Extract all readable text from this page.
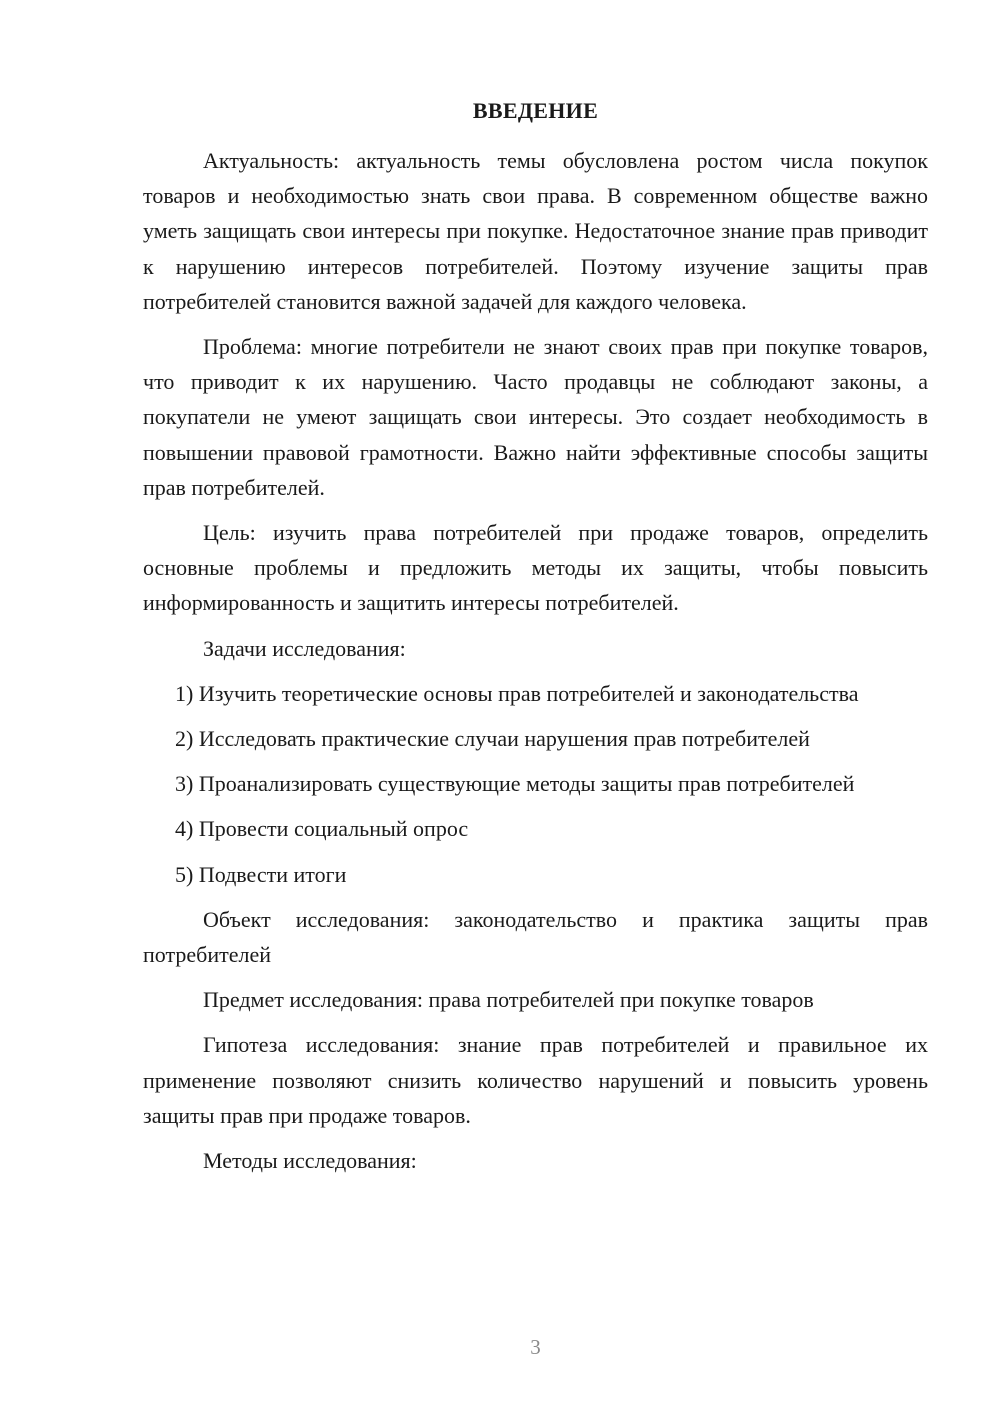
ВВЕДЕНИЕ

Актуальность: актуальность темы обусловлена ростом числа покупок товаров и необходимостью знать свои права. В современном обществе важно уметь защищать свои интересы при покупке. Недостаточное знание прав приводит к нарушению интересов потребителей. Поэтому изучение защиты прав потребителей становится важной задачей для каждого человека.

Проблема: многие потребители не знают своих прав при покупке товаров, что приводит к их нарушению. Часто продавцы не соблюдают законы, а покупатели не умеют защищать свои интересы. Это создает необходимость в повышении правовой грамотности. Важно найти эффективные способы защиты прав потребителей.

Цель: изучить права потребителей при продаже товаров, определить основные проблемы и предложить методы их защиты, чтобы повысить информированность и защитить интересы потребителей.

Задачи исследования:

1) Изучить теоретические основы прав потребителей и законодательства

2) Исследовать практические случаи нарушения прав потребителей

3) Проанализировать существующие методы защиты прав потребителей

4) Провести социальный опрос

5) Подвести итоги

Объект исследования: законодательство и практика защиты прав потребителей

Предмет исследования: права потребителей при покупке товаров

Гипотеза исследования: знание прав потребителей и правильное их применение позволяют снизить количество нарушений и повысить уровень защиты прав при продаже товаров.

Методы исследования:

3
